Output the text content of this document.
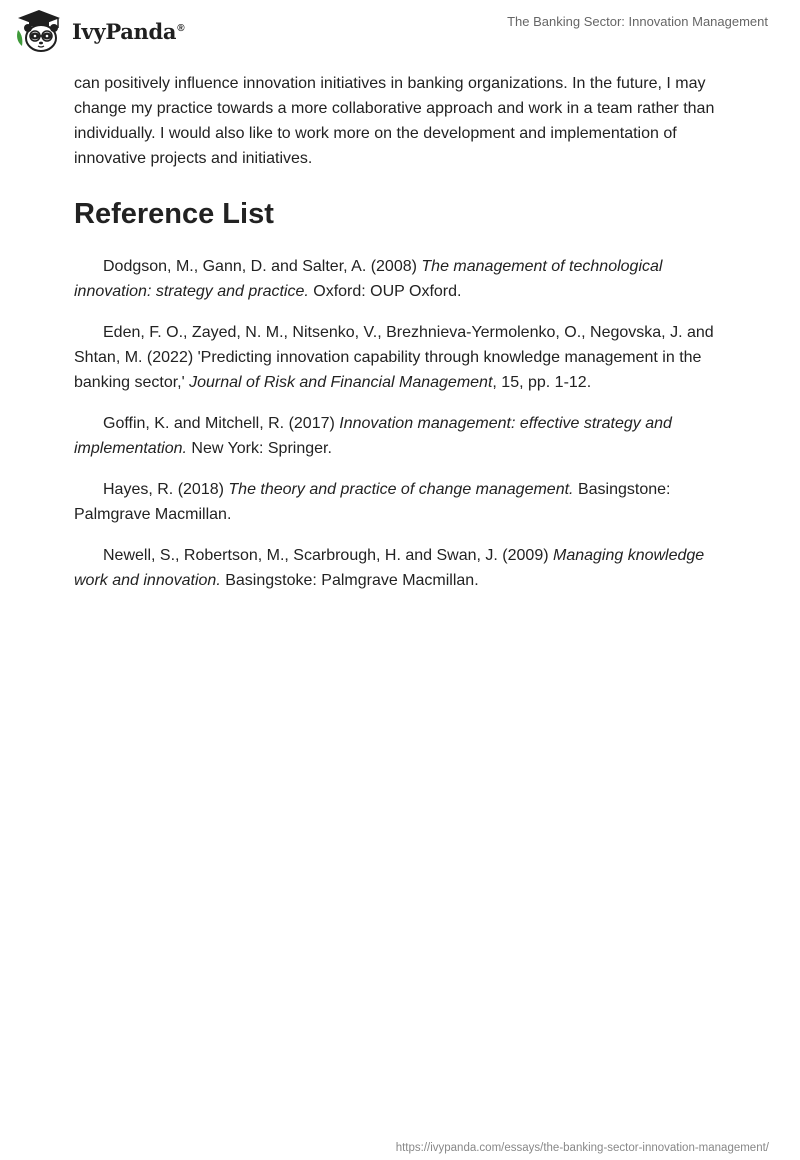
IvyPanda®	The Banking Sector: Innovation Management

can positively influence innovation initiatives in banking organizations. In the future, I may change my practice towards a more collaborative approach and work in a team rather than individually. I would also like to work more on the development and implementation of innovative projects and initiatives.

Reference List
Dodgson, M., Gann, D. and Salter, A. (2008) The management of technological innovation: strategy and practice. Oxford: OUP Oxford.
Eden, F. O., Zayed, N. M., Nitsenko, V., Brezhnieva-Yermolenko, O., Negovska, J. and Shtan, M. (2022) 'Predicting innovation capability through knowledge management in the banking sector,' Journal of Risk and Financial Management, 15, pp. 1-12.
Goffin, K. and Mitchell, R. (2017) Innovation management: effective strategy and implementation. New York: Springer.
Hayes, R. (2018) The theory and practice of change management. Basingstone: Palmgrave Macmillan.
Newell, S., Robertson, M., Scarbrough, H. and Swan, J. (2009) Managing knowledge work and innovation. Basingstoke: Palmgrave Macmillan.
https://ivypanda.com/essays/the-banking-sector-innovation-management/
